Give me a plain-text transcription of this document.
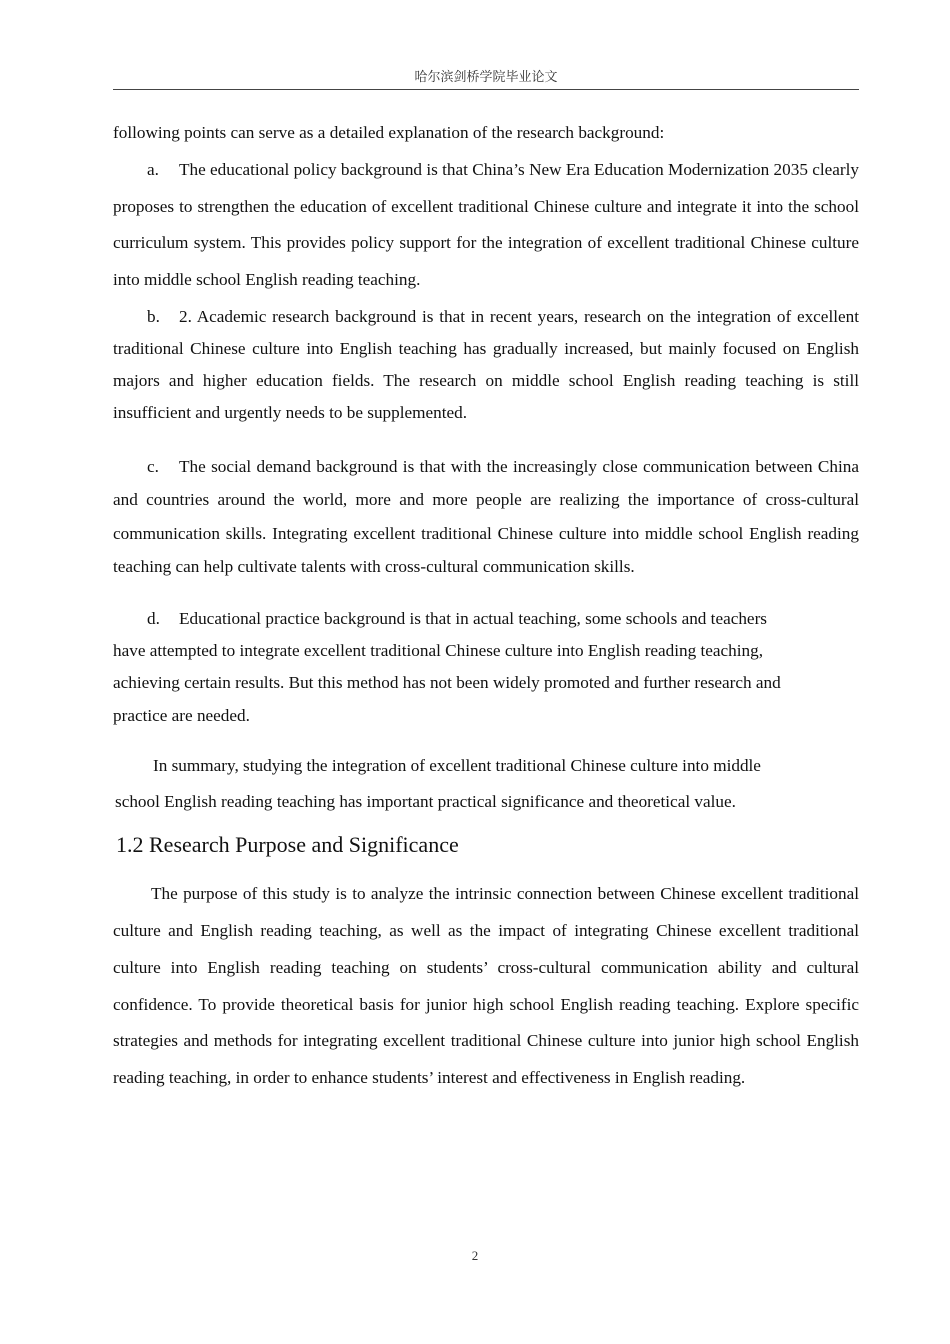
哈尔滨剑桥学院毕业论文

following points can serve as a detailed explanation of the research background:

a. The educational policy background is that China’s New Era Education Modernization 2035 clearly proposes to strengthen the education of excellent traditional Chinese culture and integrate it into the school curriculum system. This provides policy support for the integration of excellent traditional Chinese culture into middle school English reading teaching.

b. 2. Academic research background is that in recent years, research on the integration of excellent traditional Chinese culture into English teaching has gradually increased, but mainly focused on English majors and higher education fields. The research on middle school English reading teaching is still insufficient and urgently needs to be supplemented.

c. The social demand background is that with the increasingly close communication between China and countries around the world, more and more people are realizing the importance of cross-cultural communication skills. Integrating excellent traditional Chinese culture into middle school English reading teaching can help cultivate talents with cross-cultural communication skills.

d. Educational practice background is that in actual teaching, some schools and teachers have attempted to integrate excellent traditional Chinese culture into English reading teaching, achieving certain results. But this method has not been widely promoted and further research and practice are needed.

In summary, studying the integration of excellent traditional Chinese culture into middle school English reading teaching has important practical significance and theoretical value.

1.2 Research Purpose and Significance

The purpose of this study is to analyze the intrinsic connection between Chinese excellent traditional culture and English reading teaching, as well as the impact of integrating Chinese excellent traditional culture into English reading teaching on students’ cross-cultural communication ability and cultural confidence. To provide theoretical basis for junior high school English reading teaching. Explore specific strategies and methods for integrating excellent traditional Chinese culture into junior high school English reading teaching, in order to enhance students’ interest and effectiveness in English reading.

2
